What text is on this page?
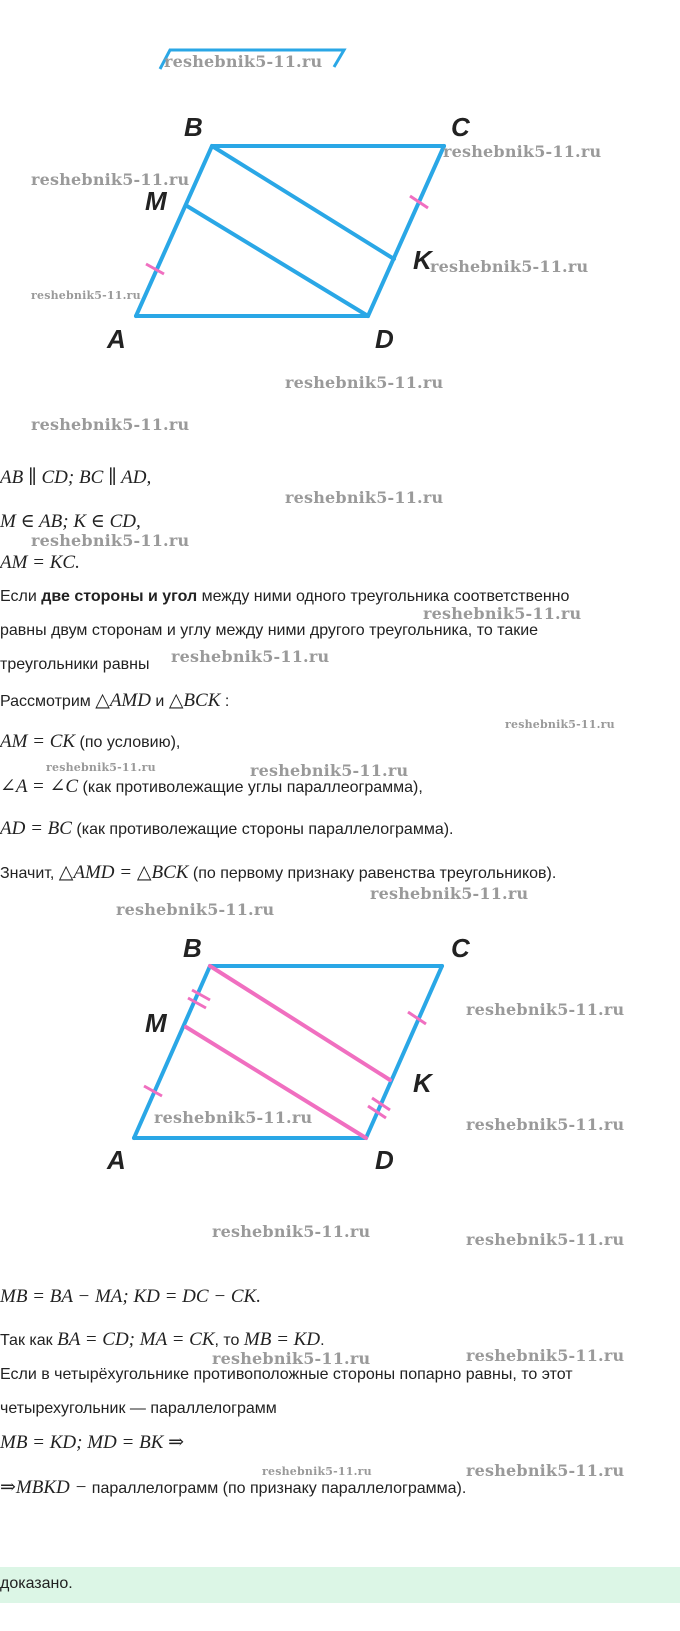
reshebnik5-11.ru
B	C
M
K
A	D
reshebnik5-11.ru
reshebnik5-11.ru
reshebnik5-11.ru
reshebnik5-11.ru
reshebnik5-11.ru
reshebnik5-11.ru
AB ∥ CD; BC ∥ AD,
reshebnik5-11.ru
M ∈ AB; K ∈ CD,
reshebnik5-11.ru
AM = KC.
Если две стороны и угол между ними одного треугольника соответственно
reshebnik5-11.ru
равны двум сторонам и углу между ними другого треугольника, то такие
треугольники равны reshebnik5-11.ru
Рассмотрим △AMD и △BCK :
reshebnik5-11.ru
AM = CK (по условию),
reshebnik5-11.ru	reshebnik5-11.ru
∠A = ∠C (как противолежащие углы параллеограмма),
AD = BC (как противолежащие стороны параллелограмма).
Значит, △AMD = △BCK (по первому признаку равенства треугольников).
reshebnik5-11.ru
reshebnik5-11.ru
B	C
M
K
A	D
reshebnik5-11.ru
reshebnik5-11.ru	reshebnik5-11.ru
reshebnik5-11.ru	reshebnik5-11.ru
MB = BA − MA; KD = DC − CK.
Так как BA = CD; MA = CK, то MB = KD.
reshebnik5-11.ru	reshebnik5-11.ru
Если в четырёхугольнике противоположные стороны попарно равны, то этот
четырехугольник — параллелограмм
MB = KD; MD = BK ⇒
reshebnik5-11.ru	reshebnik5-11.ru
⇒MBKD − параллелограмм (по признаку параллелограмма).
доказано.
